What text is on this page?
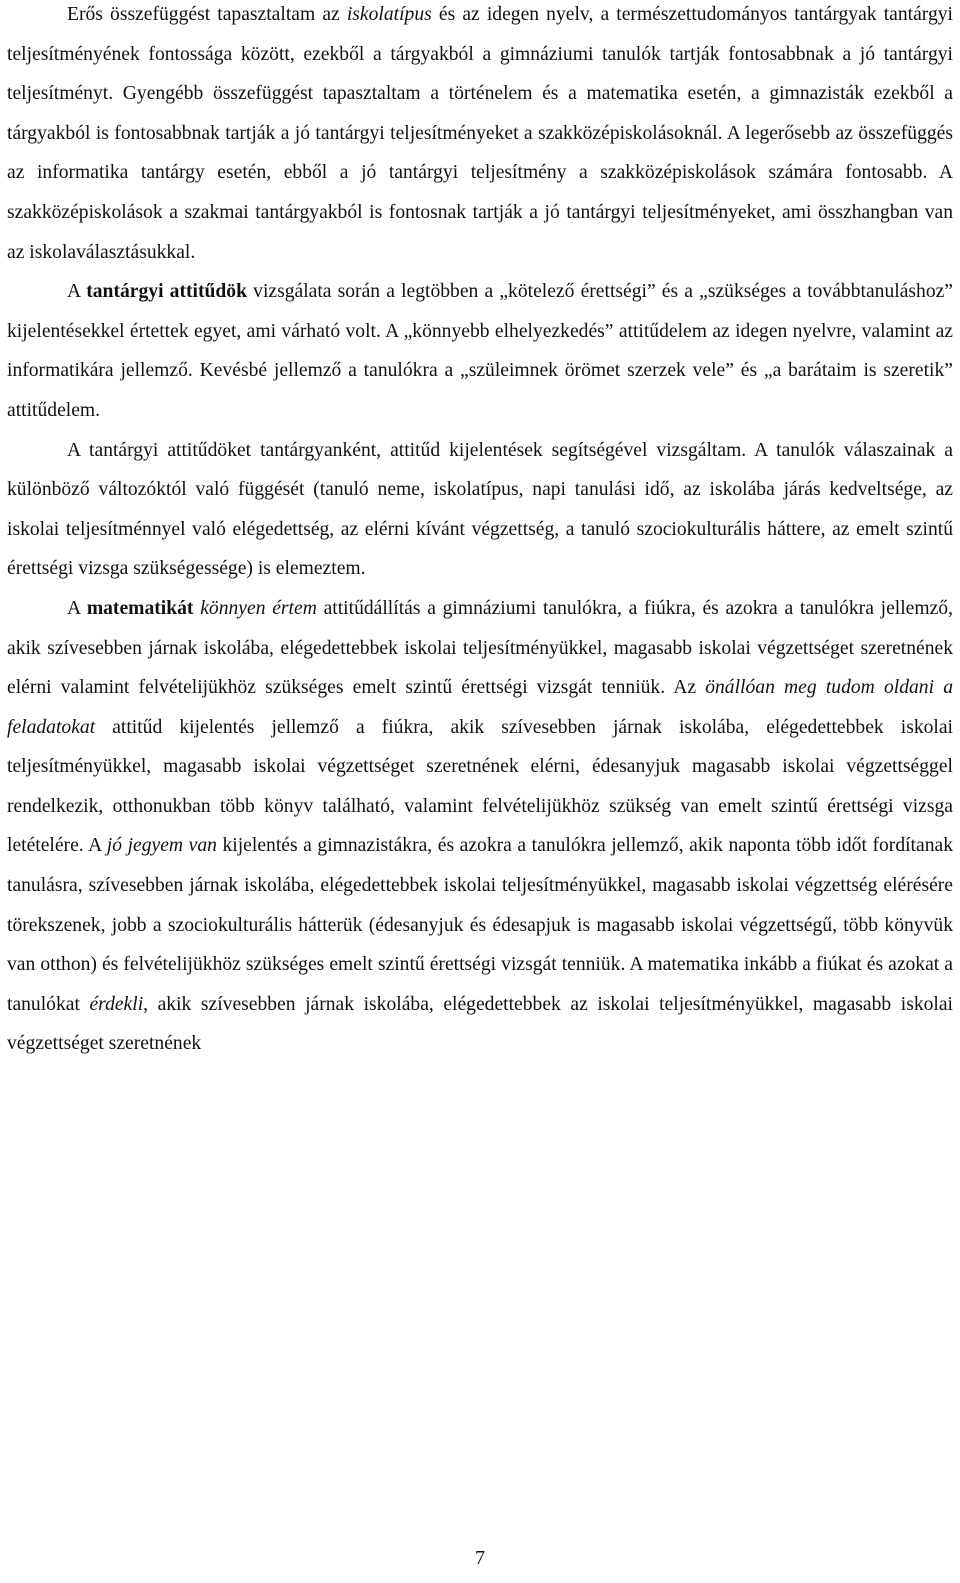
Erős összefüggést tapasztaltam az iskolatípus és az idegen nyelv, a természettudományos tantárgyak tantárgyi teljesítményének fontossága között, ezekből a tárgyakból a gimnáziumi tanulók tartják fontosabbnak a jó tantárgyi teljesítményt. Gyengébb összefüggést tapasztaltam a történelem és a matematika esetén, a gimnazisták ezekből a tárgyakból is fontosabbnak tartják a jó tantárgyi teljesítményeket a szakközépiskolásoknál. A legerősebb az összefüggés az informatika tantárgy esetén, ebből a jó tantárgyi teljesítmény a szakközépiskolások számára fontosabb. A szakközépiskolások a szakmai tantárgyakból is fontosnak tartják a jó tantárgyi teljesítményeket, ami összhangban van az iskolaválasztásukkal.

A tantárgyi attitűdök vizsgálata során a legtöbben a „kötelező érettségi” és a „szükséges a továbbtanuláshoz” kijelentésekkel értettek egyet, ami várható volt. A „könnyebb elhelyezkedés” attitűdelem az idegen nyelvre, valamint az informatikára jellemző. Kevésbé jellemző a tanulókra a „szüleimnek örömet szerzek vele” és „a barátaim is szeretik” attitűdelem.

A tantárgyi attitűdöket tantárgyanként, attitűd kijelentések segítségével vizsgáltam. A tanulók válaszainak a különböző változóktól való függését (tanuló neme, iskolatípus, napi tanulási idő, az iskolába járás kedveltsége, az iskolai teljesítménnyel való elégedettség, az elérni kívánt végzettség, a tanuló szociokulturális háttere, az emelt szintű érettségi vizsga szükségessége) is elemeztem.

A matematikát könnyen értem attitűdállítás a gimnáziumi tanulókra, a fiúkra, és azokra a tanulókra jellemző, akik szívesebben járnak iskolába, elégedettebbek iskolai teljesítményükkel, magasabb iskolai végzettséget szeretnének elérni valamint felvételijükhöz szükséges emelt szintű érettségi vizsgát tenniük. Az önállóan meg tudom oldani a feladatokat attitűd kijelentés jellemző a fiúkra, akik szívesebben járnak iskolába, elégedettebbek iskolai teljesítményükkel, magasabb iskolai végzettséget szeretnének elérni, édesanyjuk magasabb iskolai végzettséggel rendelkezik, otthonukban több könyv található, valamint felvételijükhöz szükség van emelt szintű érettségi vizsga letételére. A jó jegyem van kijelentés a gimnazistákra, és azokra a tanulókra jellemző, akik naponta több időt fordítanak tanulásra, szívesebben járnak iskolába, elégedettebbek iskolai teljesítményükkel, magasabb iskolai végzettség elérésére törekszenek, jobb a szociokulturális hátterük (édesanyjuk és édesapjuk is magasabb iskolai végzettségű, több könyvük van otthon) és felvételijükhöz szükséges emelt szintű érettségi vizsgát tenniük. A matematika inkább a fiúkat és azokat a tanulókat érdekli, akik szívesebben járnak iskolába, elégedettebbek az iskolai teljesítményükkel, magasabb iskolai végzettséget szeretnének

7
